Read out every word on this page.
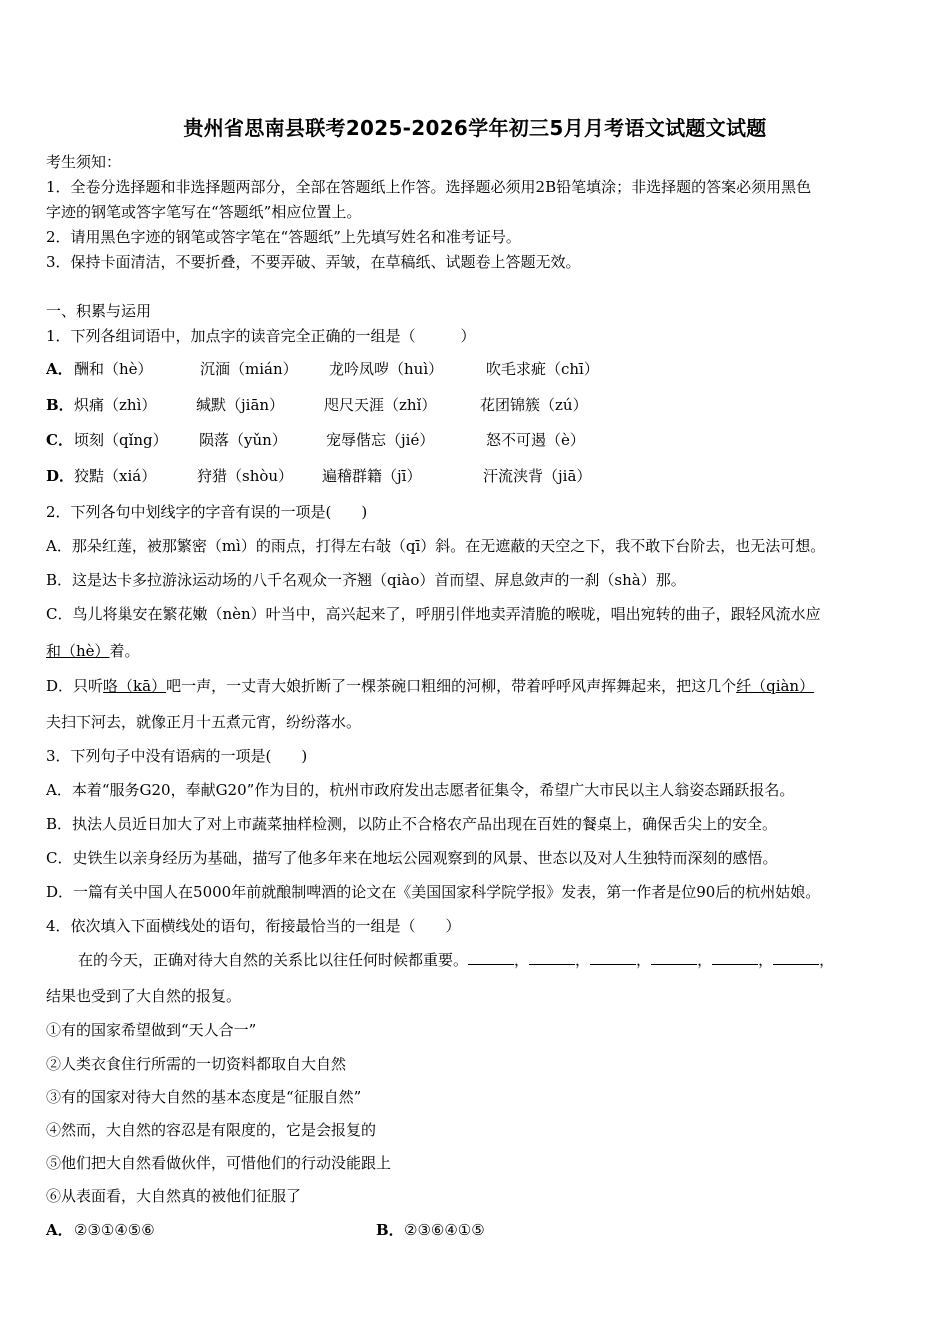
贵州省思南县联考2025-2026学年初三5月月考语文试题文试题
考生须知：
1．全卷分选择题和非选择题两部分，全部在答题纸上作答。选择题必须用2B铅笔填涂；非选择题的答案必须用黑色
字迹的钢笔或答字笔写在“答题纸”相应位置上。
2．请用黑色字迹的钢笔或答字笔在“答题纸”上先填写姓名和准考证号。
3．保持卡面清洁，不要折叠，不要弄破、弄皱，在草稿纸、试题卷上答题无效。
一、积累与运用
1．下列各组词语中，加点字的读音完全正确的一组是（　　　）
A． 酬和（hè）	沉湎（mián） 龙吟凤哕（huì）	吹毛求疵（chī）
B． 炽痛（zhì）	缄默（jiān）	咫尺天涯（zhǐ）	花团锦簇（zú）
C． 顷刻（qǐng） 陨落（yǔn）	宠辱偕忘（jié）	怒不可遏（è）
D． 狡黠（xiá）	狩猎（shòu） 遍稽群籍（jī）	汗流浃背（jiā）
2．下列各句中划线字的字音有误的一项是(　　)
A．那朵红莲，被那繁密（mì）的雨点，打得左右敧（qī）斜。在无遮蔽的天空之下，我不敢下台阶去，也无法可想。
B．这是达卡多拉游泳运动场的八千名观众一齐翘（qiào）首而望、屏息敛声的一刹（shà）那。
C．鸟儿将巢安在繁花嫩（nèn）叶当中，高兴起来了，呼朋引伴地卖弄清脆的喉咙，唱出宛转的曲子，跟轻风流水应
和（hè）着。
D．只听咯（kā）吧一声，一丈青大娘折断了一棵茶碗口粗细的河柳，带着呼呼风声挥舞起来，把这几个纤（qiàn）
夫扫下河去，就像正月十五煮元宵，纷纷落水。
3．下列句子中没有语病的一项是(　　)
A．本着“服务G20，奉献G20”作为目的，杭州市政府发出志愿者征集令，希望广大市民以主人翁姿态踊跃报名。
B．执法人员近日加大了对上市蔬菜抽样检测，以防止不合格农产品出现在百姓的餐桌上，确保舌尖上的安全。
C．史铁生以亲身经历为基础，描写了他多年来在地坛公园观察到的风景、世态以及对人生独特而深刻的感悟。
D．一篇有关中国人在5000年前就酿制啤酒的论文在《美国国家科学院学报》发表，第一作者是位90后的杭州姑娘。
4．依次填入下面横线处的语句，衔接最恰当的一组是（　　）
在的今天，正确对待大自然的关系比以往任何时候都重要。	，	，	，	，	，	，
结果也受到了大自然的报复。
①有的国家希望做到“天人合一”
②人类衣食住行所需的一切资料都取自大自然
③有的国家对待大自然的基本态度是“征服自然”
④然而，大自然的容忍是有限度的，它是会报复的
⑤他们把大自然看做伙伴，可惜他们的行动没能跟上
⑥从表面看，大自然真的被他们征服了
A． ②③①④⑤⑥	B． ②③⑥④①⑤
